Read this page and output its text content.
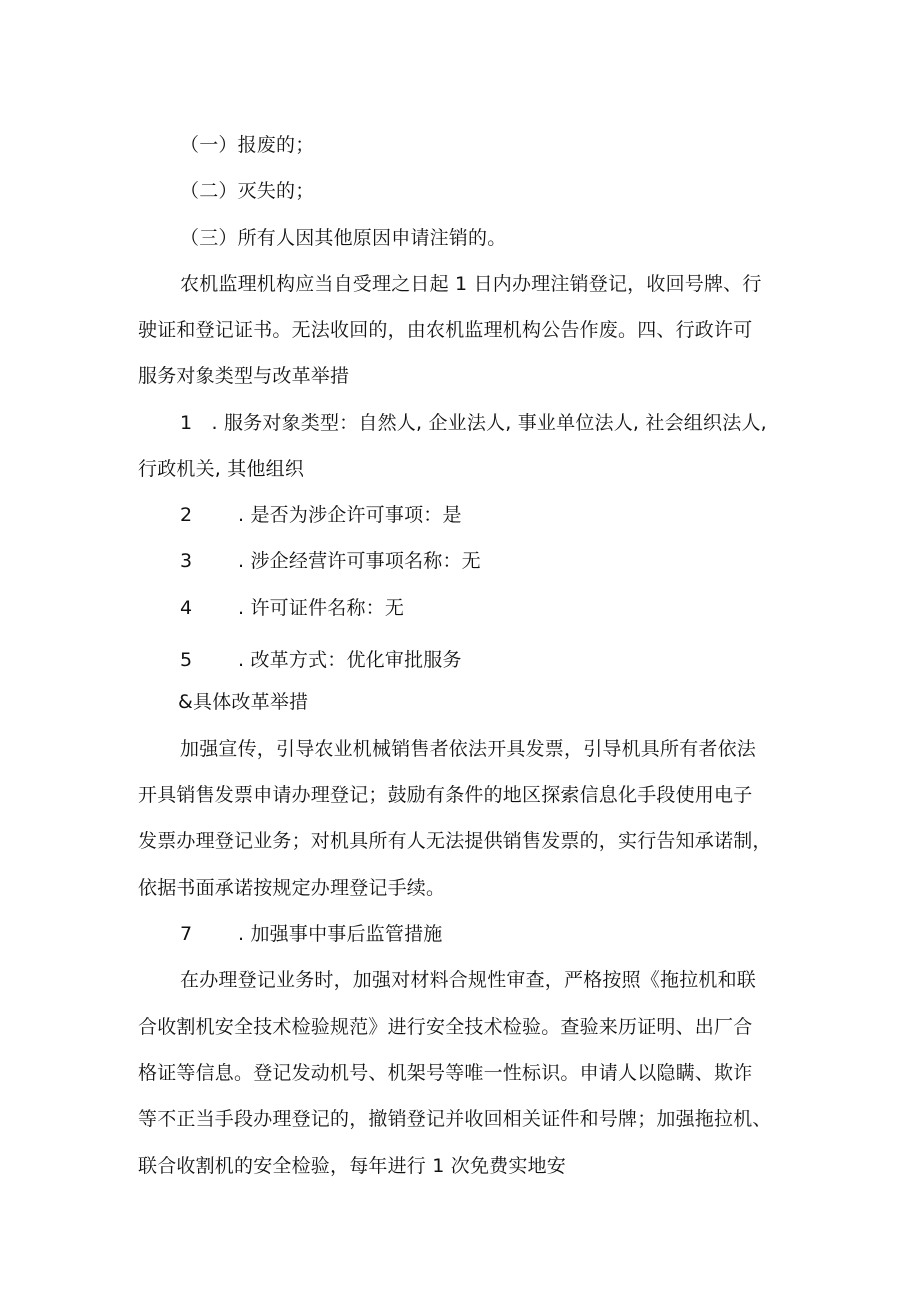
（一）报废的；
（二）灭失的；
（三）所有人因其他原因申请注销的。
农机监理机构应当自受理之日起 1 日内办理注销登记，收回号牌、行
驶证和登记证书。无法收回的，由农机监理机构公告作废。四、行政许可
服务对象类型与改革举措
1　. 服务对象类型：自然人, 企业法人, 事业单位法人, 社会组织法人,
行政机关, 其他组织
2 . 是否为涉企许可事项：是
3 . 涉企经营许可事项名称：无
4 . 许可证件名称：无
5 . 改革方式：优化审批服务
&具体改革举措
加强宣传，引导农业机械销售者依法开具发票，引导机具所有者依法
开具销售发票申请办理登记；鼓励有条件的地区探索信息化手段使用电子
发票办理登记业务；对机具所有人无法提供销售发票的，实行告知承诺制，
依据书面承诺按规定办理登记手续。
7 . 加强事中事后监管措施
在办理登记业务时，加强对材料合规性审查，严格按照《拖拉机和联
合收割机安全技术检验规范》进行安全技术检验。查验来历证明、出厂合
格证等信息。登记发动机号、机架号等唯一性标识。申请人以隐瞒、欺诈
等不正当手段办理登记的，撤销登记并收回相关证件和号牌；加强拖拉机、
联合收割机的安全检验，每年进行 1 次免费实地安
